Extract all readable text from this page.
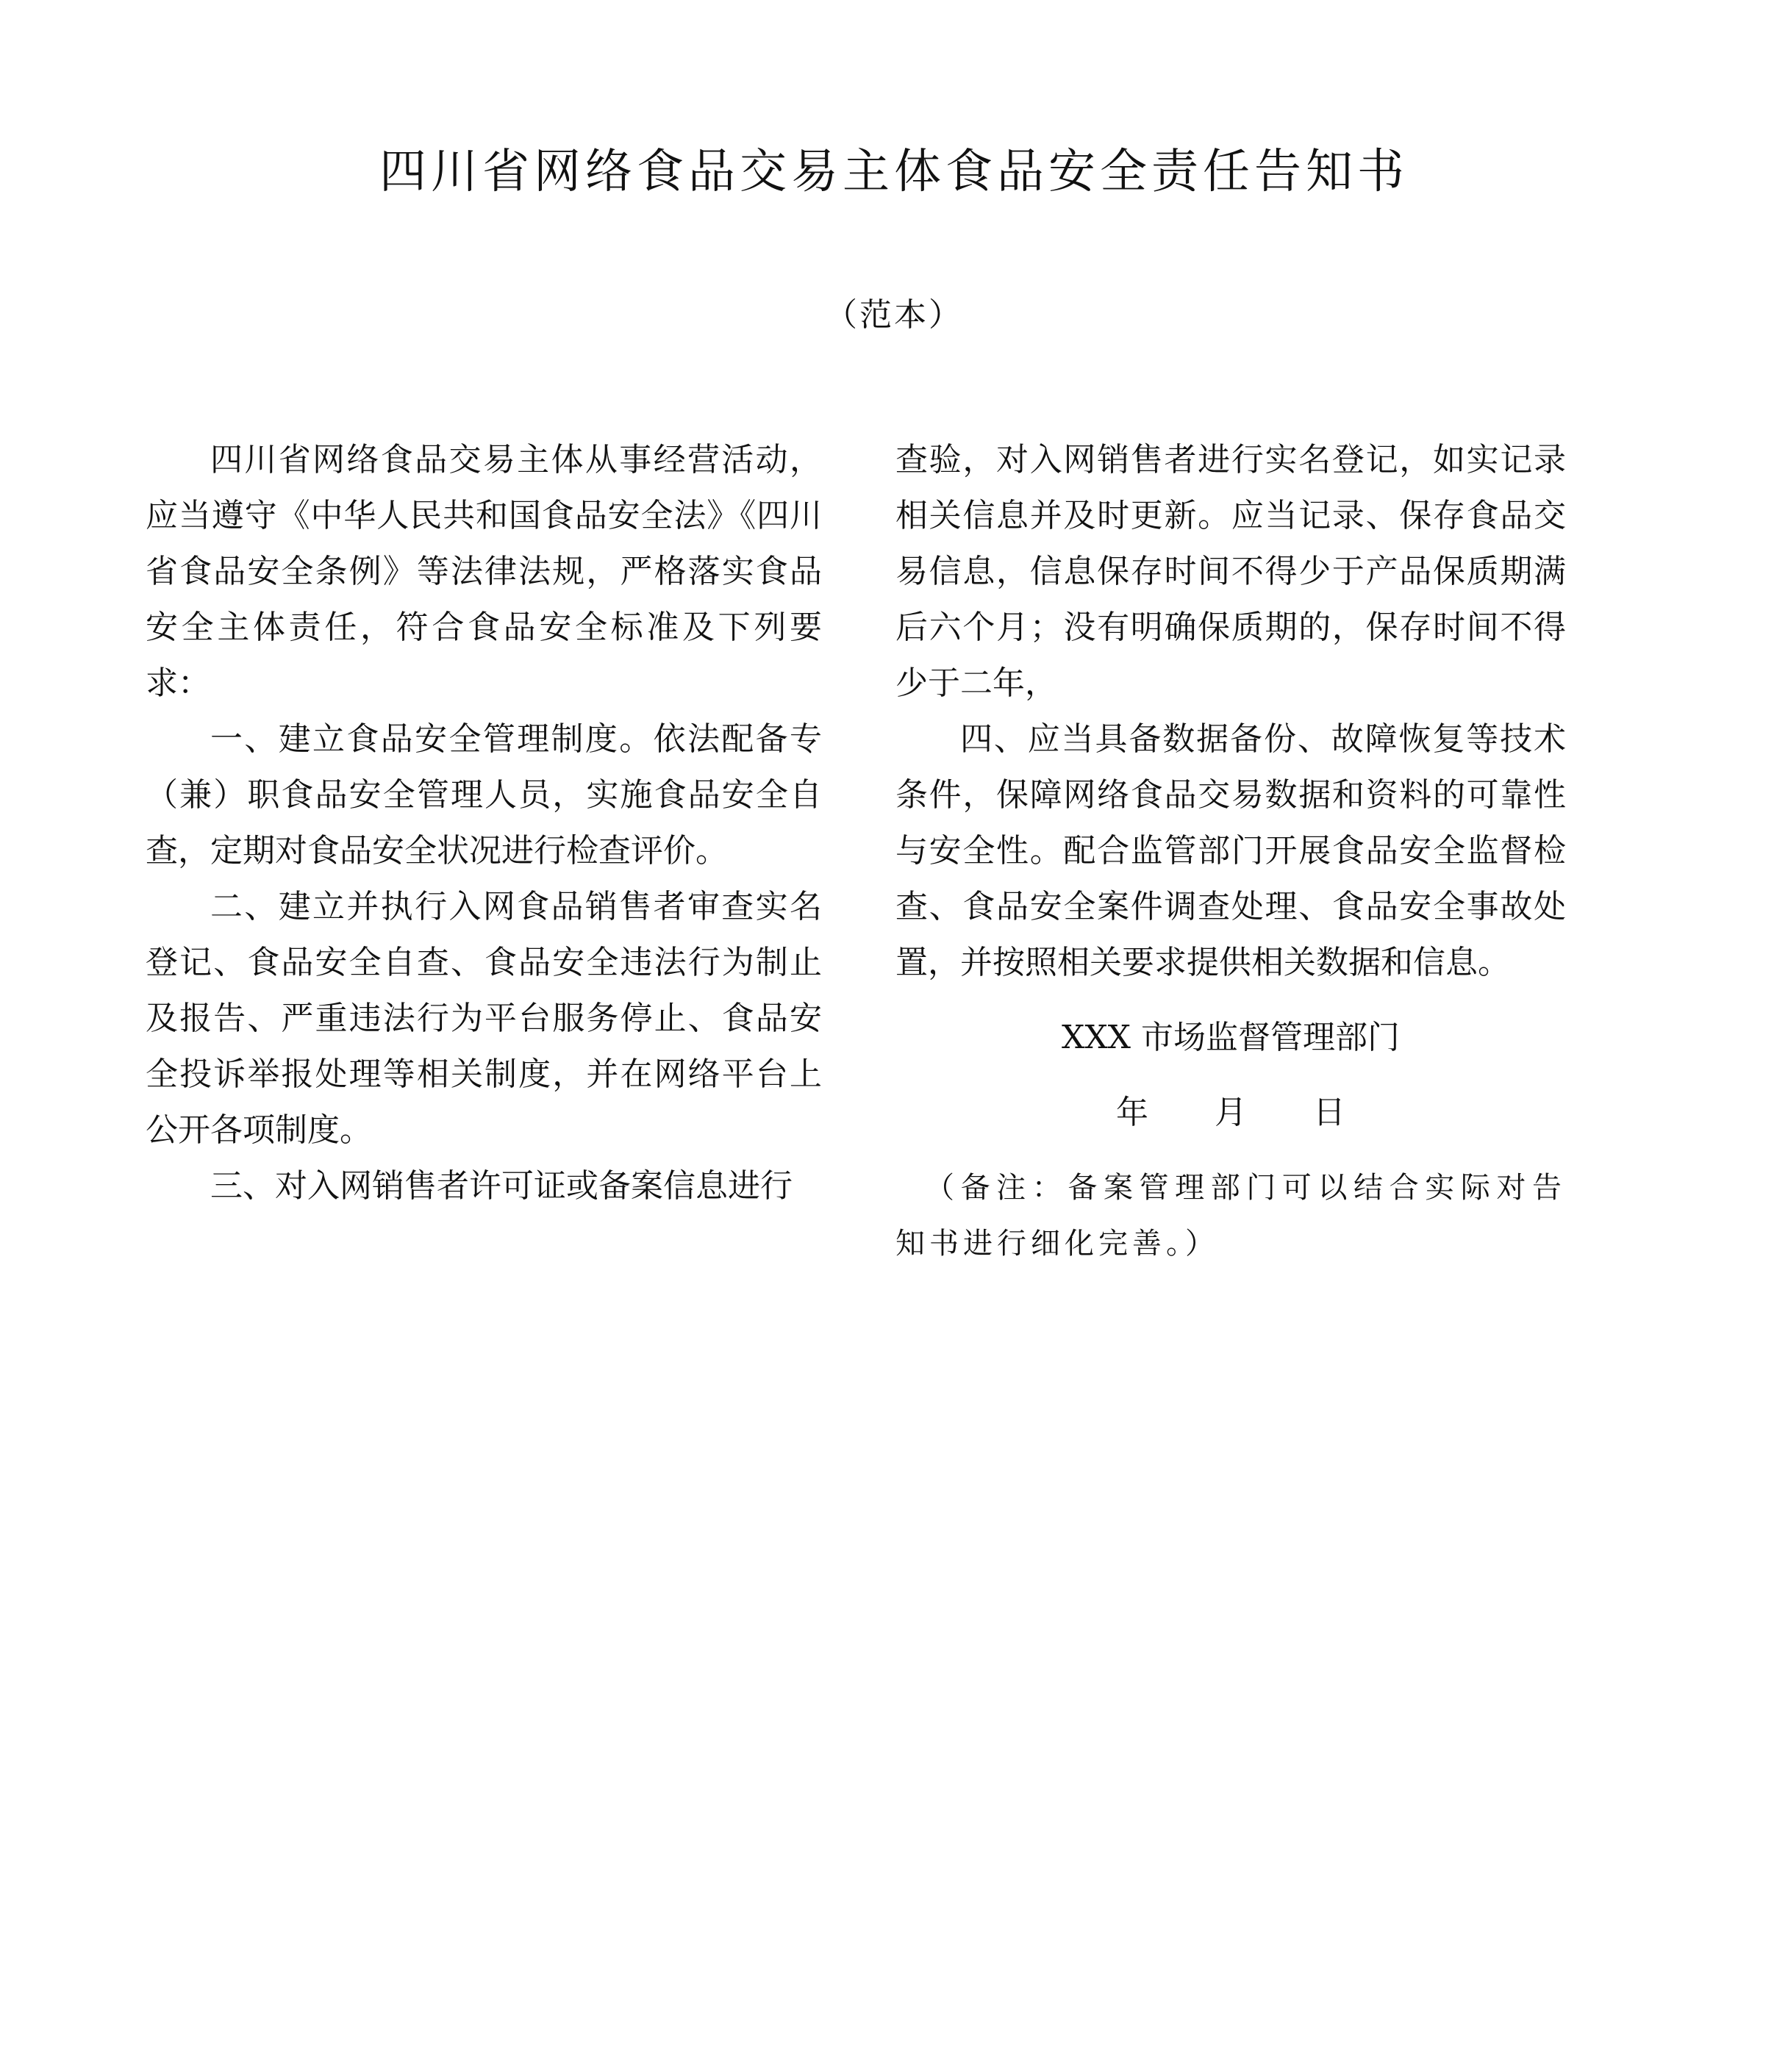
四川省网络食品交易主体食品安全责任告知书
（范本）

四川省网络食品交易主体从事经营活动，应当遵守《中华人民共和国食品安全法》《四川省食品安全条例》等法律法规，严格落实食品安全主体责任，符合食品安全标准及下列要求：

一、建立食品安全管理制度。依法配备专（兼）职食品安全管理人员，实施食品安全自查，定期对食品安全状况进行检查评价。

二、建立并执行入网食品销售者审查实名登记、食品安全自查、食品安全违法行为制止及报告、严重违法行为平台服务停止、食品安全投诉举报处理等相关制度，并在网络平台上公开各项制度。

三、对入网销售者许可证或备案信息进行

查验，对入网销售者进行实名登记，如实记录相关信息并及时更新。应当记录、保存食品交易信息，信息保存时间不得少于产品保质期满后六个月；没有明确保质期的，保存时间不得少于二年，

四、应当具备数据备份、故障恢复等技术条件，保障网络食品交易数据和资料的可靠性与安全性。配合监管部门开展食品安全监督检查、食品安全案件调查处理、食品安全事故处置，并按照相关要求提供相关数据和信息。

XXX 市场监督管理部门

年 月 日

（备注：备案管理部门可以结合实际对告知书进行细化完善。）
